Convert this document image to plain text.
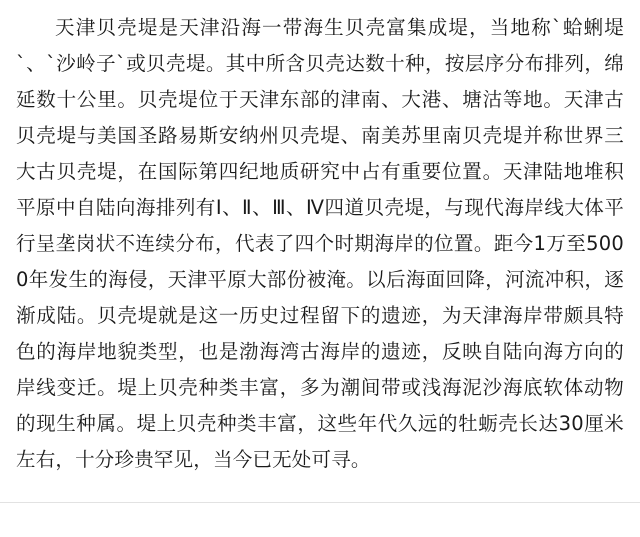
天津贝壳堤是天津沿海一带海生贝壳富集成堤，当地称`蛤蜊堤`、`沙岭子`或贝壳堤。其中所含贝壳达数十种，按层序分布排列，绵延数十公里。贝壳堤位于天津东部的津南、大港、塘沽等地。天津古贝壳堤与美国圣路易斯安纳州贝壳堤、南美苏里南贝壳堤并称世界三大古贝壳堤，在国际第四纪地质研究中占有重要位置。天津陆地堆积平原中自陆向海排列有Ⅰ、Ⅱ、Ⅲ、Ⅳ四道贝壳堤，与现代海岸线大体平行呈垄岗状不连续分布，代表了四个时期海岸的位置。距今1万至5000年发生的海侵，天津平原大部份被淹。以后海面回降，河流冲积，逐渐成陆。贝壳堤就是这一历史过程留下的遗迹，为天津海岸带颇具特色的海岸地貌类型，也是渤海湾古海岸的遗迹，反映自陆向海方向的岸线变迁。堤上贝壳种类丰富，多为潮间带或浅海泥沙海底软体动物的现生种属。堤上贝壳种类丰富，这些年代久远的牡蛎壳长达30厘米左右，十分珍贵罕见，当今已无处可寻。
